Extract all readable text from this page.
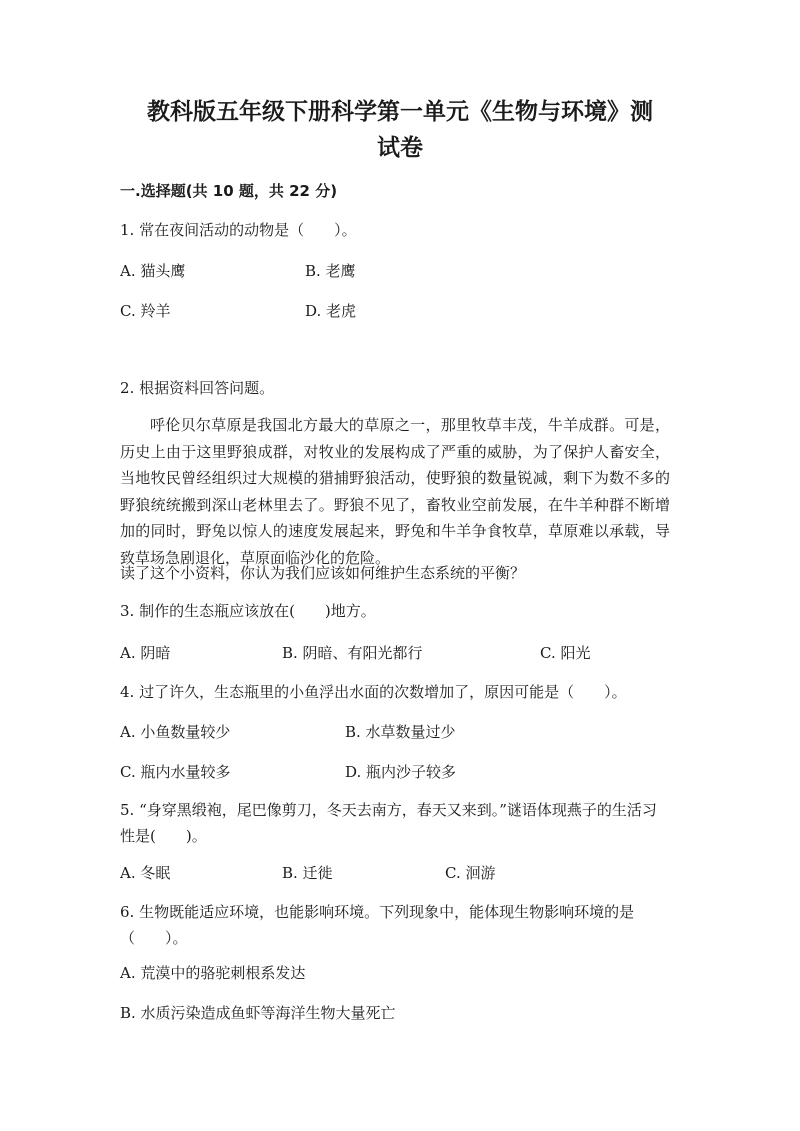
教科版五年级下册科学第一单元《生物与环境》测
试卷
一.选择题(共 10 题，共 22 分)
1. 常在夜间活动的动物是（　　）。
A. 猫头鹰	B. 老鹰
C. 羚羊	D. 老虎
2. 根据资料回答问题。
呼伦贝尔草原是我国北方最大的草原之一，那里牧草丰茂，牛羊成群。可是，历史上由于这里野狼成群，对牧业的发展构成了严重的威胁，为了保护人畜安全，当地牧民曾经组织过大规模的猎捕野狼活动，使野狼的数量锐减，剩下为数不多的野狼统统搬到深山老林里去了。野狼不见了，畜牧业空前发展，在牛羊种群不断增加的同时，野兔以惊人的速度发展起来，野兔和牛羊争食牧草，草原难以承载，导致草场急剧退化，草原面临沙化的危险。
读了这个小资料，你认为我们应该如何维护生态系统的平衡？
3. 制作的生态瓶应该放在(　　)地方。
A. 阴暗	B. 阴暗、有阳光都行	C. 阳光
4. 过了许久，生态瓶里的小鱼浮出水面的次数增加了，原因可能是（　　）。
A. 小鱼数量较少	B. 水草数量过少
C. 瓶内水量较多	D. 瓶内沙子较多
5. “身穿黑缎袍，尾巴像剪刀，冬天去南方，春天又来到。”谜语体现燕子的生活习性是(　　)。
A. 冬眠	B. 迁徙	C. 洄游
6. 生物既能适应环境，也能影响环境。下列现象中，能体现生物影响环境的是（　　）。
A. 荒漠中的骆驼刺根系发达
B. 水质污染造成鱼虾等海洋生物大量死亡
